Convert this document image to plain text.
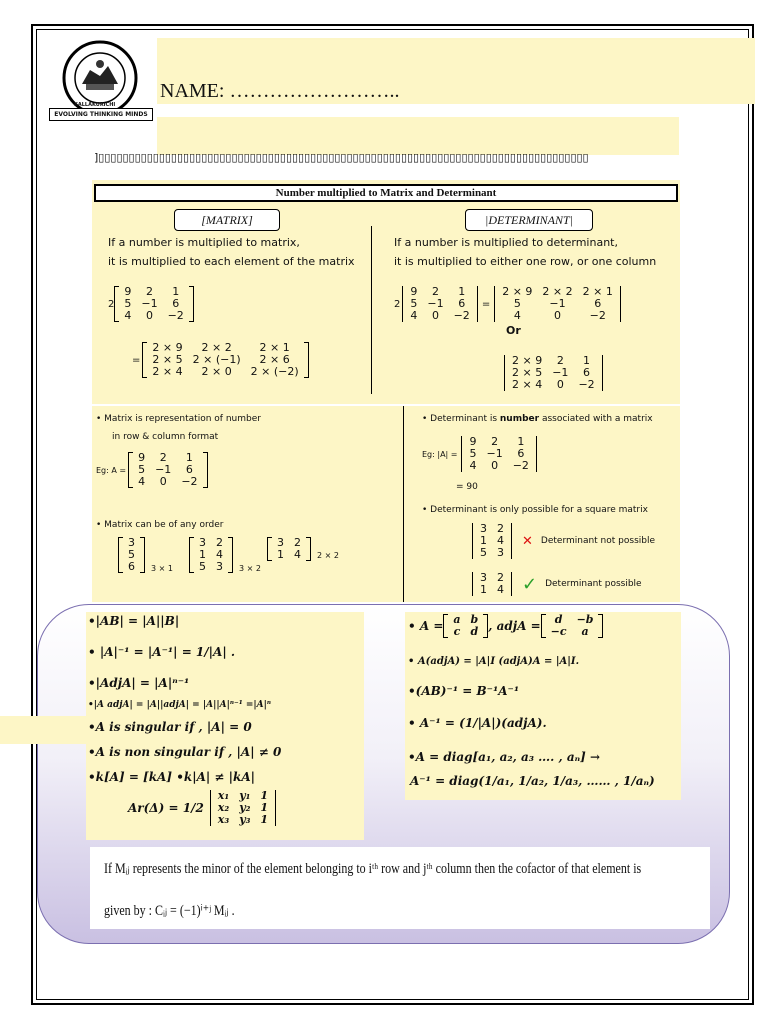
KALLAKURICHI
EVOLVING THINKING MINDS
NAME: ……………………..
]▯▯▯▯▯▯▯▯▯▯▯▯▯▯▯▯▯▯▯▯▯▯▯▯▯▯▯▯▯▯▯▯▯▯▯▯▯▯▯▯▯▯▯▯▯▯▯▯▯▯▯▯▯▯▯▯▯▯▯▯▯▯▯▯▯▯▯▯▯▯▯▯▯▯▯▯▯▯▯▯▯
Number multiplied to Matrix and Determinant
[MATRIX]	|DETERMINANT|
If a number is multiplied to matrix,
it is multiplied to each element of the matrix
If a number is multiplied to determinant,
it is multiplied to either one row, or one column
2
9	2	1
5	−1	6
4	0	−2
=
2 × 9	2 × 2	2 × 1
2 × 5	2 × (−1)	2 × 6
2 × 4	2 × 0	2 × (−2)
2
9	2	1
5	−1	6
4	0	−2
=
2 × 9	2 × 2	2 × 1
5	−1	6
4	0	−2
Or
2 × 9	2	1
2 × 5	−1	6
2 × 4	0	−2
• Matrix is representation of number
in row & column format
Eg: A =
9	2	1
5	−1	6
4	0	−2
• Matrix can be of any order
3
5
6 3 × 1
3	2
1	4
5	3 3 × 2
3	2
1	4 2 × 2
• Determinant is number associated with a matrix
Eg: |A| =
9	2	1
5	−1	6
4	0	−2
= 90
• Determinant is only possible for a square matrix
3	2
1	4
5	3
✕ Determinant not possible
3	2
1	4 ✓ Determinant possible
•|AB| = |A||B|
• |A|⁻¹ = |A⁻¹| = 1/|A| .
•|AdjA| = |A|ⁿ⁻¹
•|A adjA| = |A||adjA| = |A||A|ⁿ⁻¹ =|A|ⁿ
•A is singular if , |A| = 0
•A is non singular if , |A| ≠ 0
•k[A] = [kA] •k|A| ≠ |kA|
Ar(Δ) = 1/2
x₁	y₁	1
x₂	y₂	1
x₃	y₃	1
• A = a	b
c	d , adjA = d	−b
−c	a
• A(adjA) = |A|I (adjA)A = |A|I.
•(AB)⁻¹ = B⁻¹A⁻¹
• A⁻¹ = (1/|A|)(adjA).
•A = diag[a₁, a₂, a₃ …. , aₙ] →
A⁻¹ = diag(1/a₁, 1/a₂, 1/a₃, …… , 1/aₙ)
If Mᵢⱼ represents the minor of the element belonging to iᵗʰ row and jᵗʰ column then the cofactor of that element is
given by : Cᵢⱼ = (−1)ⁱ⁺ʲ Mᵢⱼ .
